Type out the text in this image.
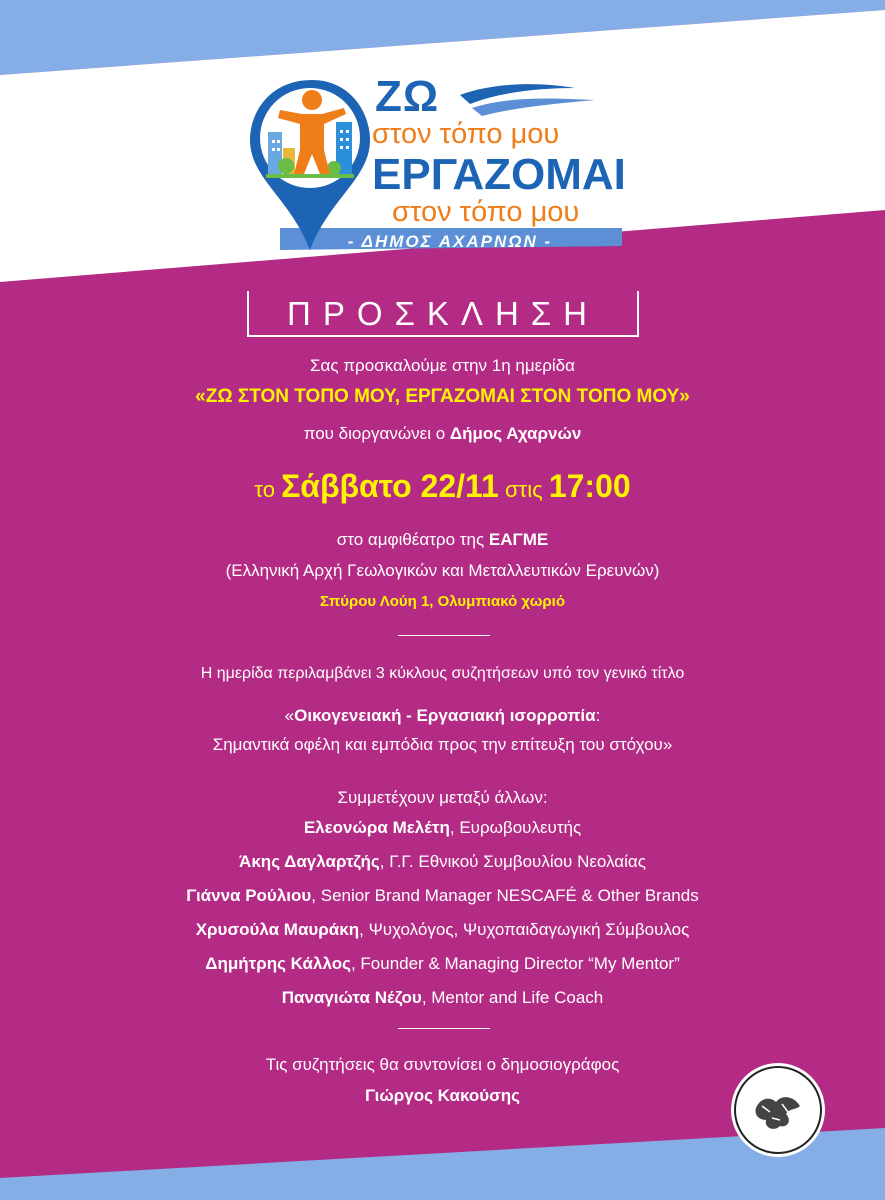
ΖΩ
στον τόπο μου
ΕΡΓΑΖΟΜΑΙ
στον τόπο μου
- ΔΗΜΟΣ ΑΧΑΡΝΩΝ -
ΠΡΟΣΚΛΗΣΗ
Σας προσκαλούμε στην 1η ημερίδα
«ΖΩ ΣΤΟΝ ΤΟΠΟ ΜΟΥ, ΕΡΓΑΖΟΜΑΙ ΣΤΟΝ ΤΟΠΟ ΜΟΥ»
που διοργανώνει ο Δήμος Αχαρνών
το Σάββατο 22/11 στις 17:00
στο αμφιθέατρο της ΕΑΓΜΕ
(Ελληνική Αρχή Γεωλογικών και Μεταλλευτικών Ερευνών)
Σπύρου Λούη 1, Ολυμπιακό χωριό
Η ημερίδα περιλαμβάνει 3 κύκλους συζητήσεων υπό τον γενικό τίτλο
«Οικογενειακή - Εργασιακή ισορροπία:
Σημαντικά οφέλη και εμπόδια προς την επίτευξη του στόχου»
Συμμετέχουν μεταξύ άλλων:
Ελεονώρα Μελέτη, Ευρωβουλευτής
Άκης Δαγλαρτζής, Γ.Γ. Εθνικού Συμβουλίου Νεολαίας
Γιάννα Ρούλιου, Senior Brand Manager NESCAFÉ & Other Brands
Χρυσούλα Μαυράκη, Ψυχολόγος, Ψυχοπαιδαγωγική Σύμβουλος
Δημήτρης Κάλλος, Founder & Managing Director “My Mentor”
Παναγιώτα Νέζου, Mentor and Life Coach
Τις συζητήσεις θα συντονίσει ο δημοσιογράφος
Γιώργος Κακούσης
